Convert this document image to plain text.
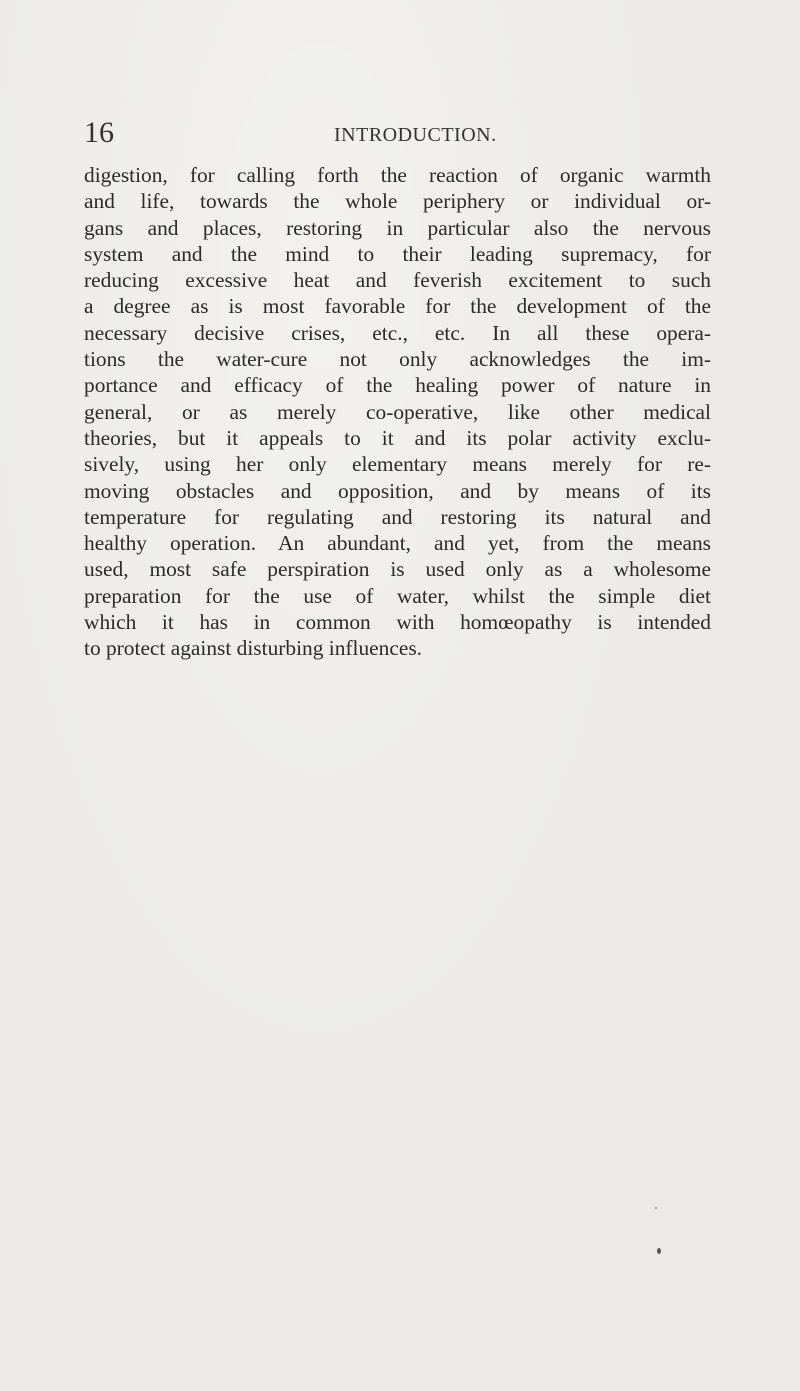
16	INTRODUCTION.
digestion, for calling forth the reaction of organic warmth
and life, towards the whole periphery or individual or-
gans and places, restoring in particular also the nervous
system and the mind to their leading supremacy, for
reducing excessive heat and feverish excitement to such
a degree as is most favorable for the development of the
necessary decisive crises, etc., etc. In all these opera-
tions the water-cure not only acknowledges the im-
portance and efficacy of the healing power of nature in
general, or as merely co-operative, like other medical
theories, but it appeals to it and its polar activity exclu-
sively, using her only elementary means merely for re-
moving obstacles and opposition, and by means of its
temperature for regulating and restoring its natural and
healthy operation. An abundant, and yet, from the means
used, most safe perspiration is used only as a wholesome
preparation for the use of water, whilst the simple diet
which it has in common with homœopathy is intended
to protect against disturbing influences.
